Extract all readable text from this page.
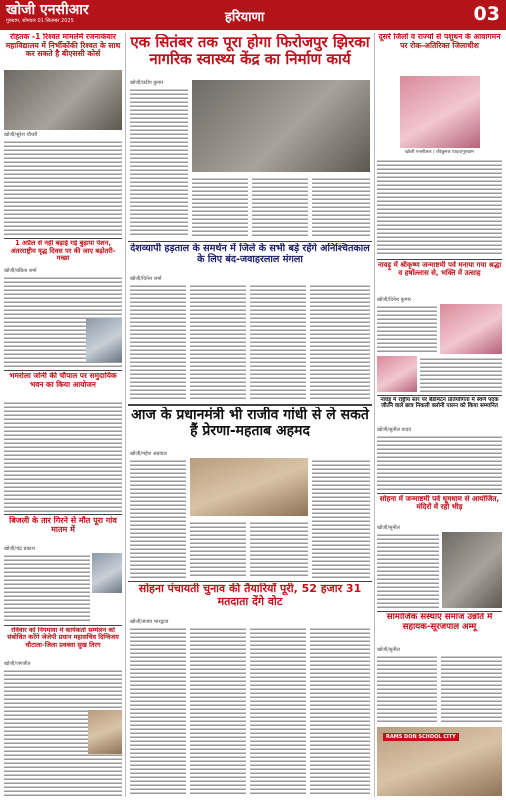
खोजी एनसीआर
गुरुग्राम, सोमवार 01 सितम्बर 2025	हरियाणा	03
रोहतक -1 रिश्वत मामलेमें रजनाकंवार महाविद्यालय में निर्भीकोंकी रिश्वत के साथ कर सकते है बीएससी कोर्स
खोजी/सुरेश चौधरी
1 अप्रैल से नहीं बढ़ाई गई बुढ़ापा पेंशन, अंतरराष्ट्रीय वृद्ध दिवस पर की जाए बढ़ोतरी- गच्छा
खोजी/बबिता शर्मा
भमरोला जोनी की चौपाल पर समुदायिक भवन का किया आयोजन
बिजली के तार गिरने से मौत पूरा गांव मातम में
खोजी/चंद्र प्रकाश
रविवार को निगमावा में कार्यकर्ता सम्मेलन को संबोधित करेंगे जेजेपी प्रधान महासचिव दिग्विजय चौटाला-जिला प्रवक्ता सुख तिरग
खोजी/जगजीत
एक सितंबर तक पूरा होगा फिरोजपुर झिरका नागरिक स्वास्थ्य केंद्र का निर्माण कार्य
खोजी/प्रदीप कुमार
देशव्यापी हड़ताल के समर्थन में जिले के सभी बड़े रहेंगे अनिश्चितकाल के लिए बंद-जवाहरलाल मंगला
खोजी/दिनेश शर्मा
आज के प्रधानमंत्री भी राजीव गांधी से ले सकते हैं प्रेरणा-महताब अहमद
खोजी/महेश अग्रवाल
सोहना पंचायती चुनाव की तैयारियाँ पूरी, 52 हजार 31 मतदाता देंगे वोट
खोजी/संजय भारद्वाज
दूसरे जिलों व राज्यों से पशुधन के आवागमन पर रोक-अतिरिक्त जिलाधीश
खोजी एनसीआर / रविकुमार यादव/गुरुग्राम
नावड़ू में श्रीकृष्ण जन्माष्टमी पर्व मनाया गया श्रद्धा व हर्षोल्लास से, भक्ति में उत्साह
खोजी/दिनेश कुमार
नावड़ू में राष्ट्रीय स्तर पर बैडमिंटन प्रतियोगिता में स्वर्ण पदक जीतने वाले छात्र निकली क्लोनी पालन को किया सम्मानित
खोजी/सुनील यादव
सोहना में जन्माष्टमी पर्व धूमधाम से आयोजित, मंदिरों में रही भीड़
खोजी/सुनील
सामाजिक संस्थाएं समाज उन्नति में सहायक-सूरजपाल अम्मू
खोजी/सुनील
RAMS DON SCHOOL CITY
